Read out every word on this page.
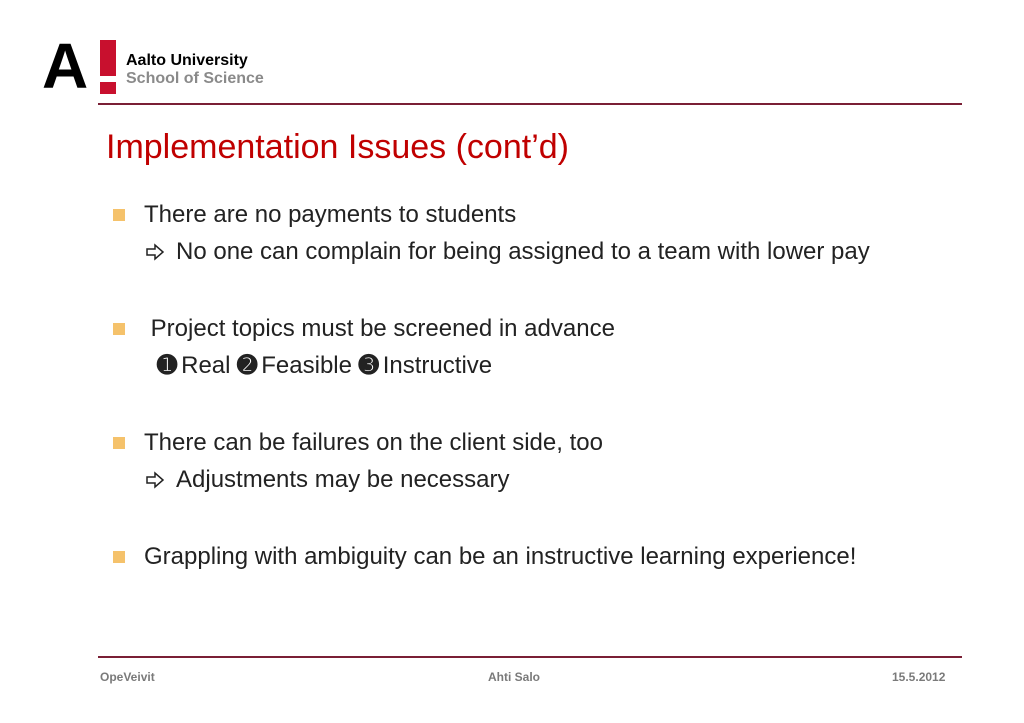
A Aalto University
School of Science
Implementation Issues (cont’d)
There are no payments to students
No one can complain for being assigned to a team with lower pay
Project topics must be screened in advance
➊ Real ➋ Feasible ➌ Instructive
There can be failures on the client side, too
Adjustments may be necessary
Grappling with ambiguity can be an instructive learning experience!
OpeVeivit	Ahti Salo	15.5.2012
